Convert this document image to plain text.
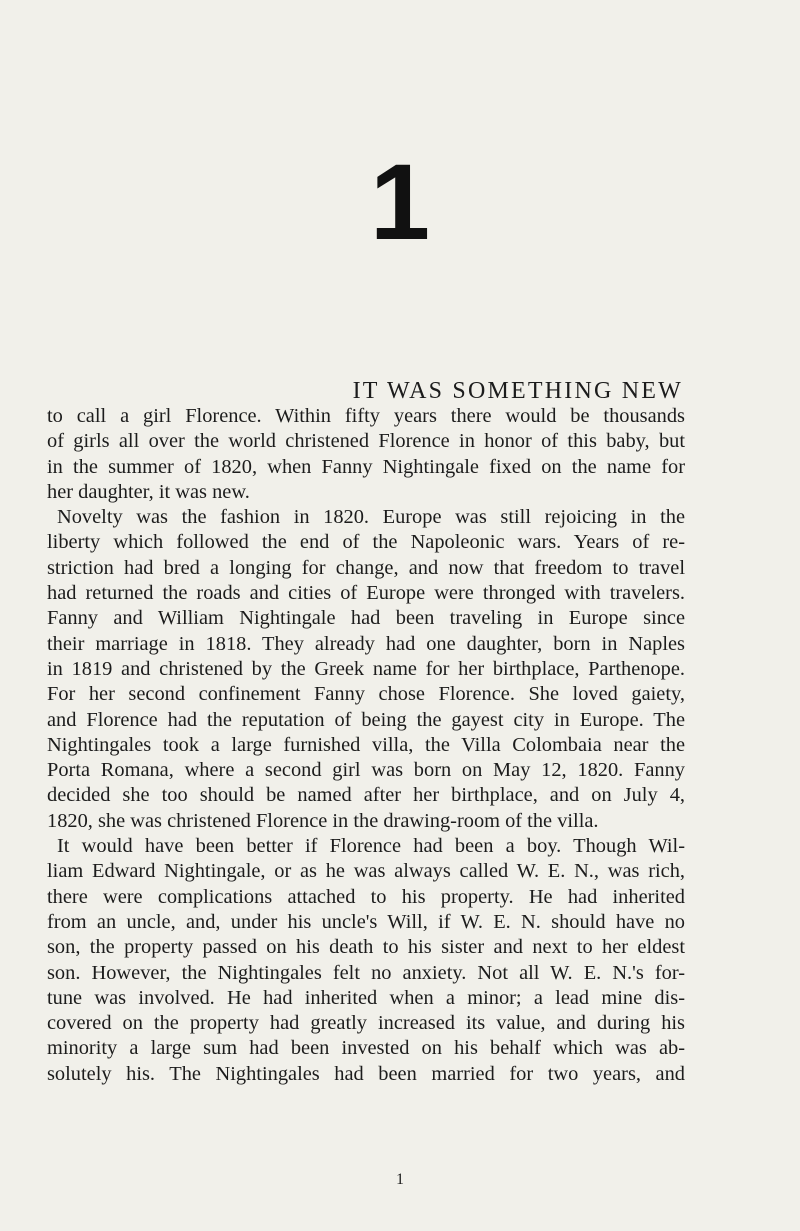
1
IT WAS SOMETHING NEW
to call a girl Florence. Within fifty years there would be thousands
of girls all over the world christened Florence in honor of this baby, but
in the summer of 1820, when Fanny Nightingale fixed on the name for
her daughter, it was new.
Novelty was the fashion in 1820. Europe was still rejoicing in the
liberty which followed the end of the Napoleonic wars. Years of re-
striction had bred a longing for change, and now that freedom to travel
had returned the roads and cities of Europe were thronged with travelers.
Fanny and William Nightingale had been traveling in Europe since
their marriage in 1818. They already had one daughter, born in Naples
in 1819 and christened by the Greek name for her birthplace, Parthenope.
For her second confinement Fanny chose Florence. She loved gaiety,
and Florence had the reputation of being the gayest city in Europe. The
Nightingales took a large furnished villa, the Villa Colombaia near the
Porta Romana, where a second girl was born on May 12, 1820. Fanny
decided she too should be named after her birthplace, and on July 4,
1820, she was christened Florence in the drawing-room of the villa.
It would have been better if Florence had been a boy. Though Wil-
liam Edward Nightingale, or as he was always called W. E. N., was rich,
there were complications attached to his property. He had inherited
from an uncle, and, under his uncle's Will, if W. E. N. should have no
son, the property passed on his death to his sister and next to her eldest
son. However, the Nightingales felt no anxiety. Not all W. E. N.'s for-
tune was involved. He had inherited when a minor; a lead mine dis-
covered on the property had greatly increased its value, and during his
minority a large sum had been invested on his behalf which was ab-
solutely his. The Nightingales had been married for two years, and
1
